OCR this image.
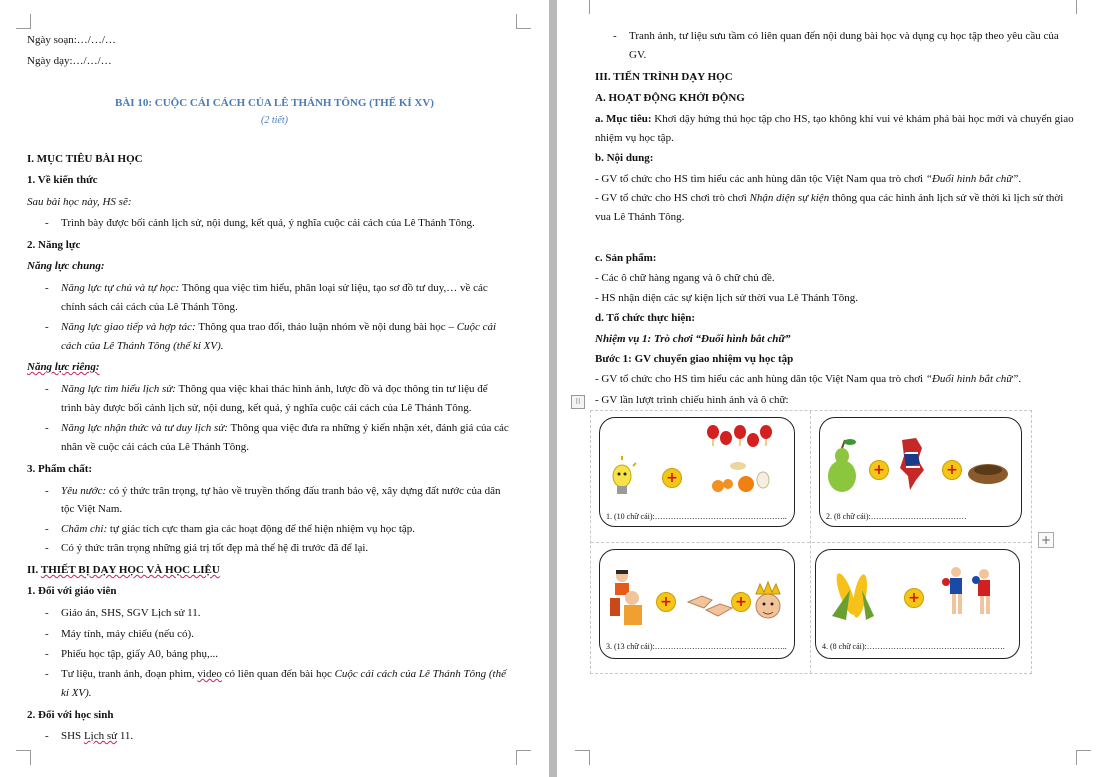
Ngày soạn:…/…/…
Ngày dạy:…/…/…
BÀI 10: CUỘC CẢI CÁCH CỦA LÊ THÁNH TÔNG (THẾ KỈ XV)
(2 tiết)
I. MỤC TIÊU BÀI HỌC
1. Về kiến thức
Sau bài học này, HS sẽ:
- Trình bày được bối cảnh lịch sử, nội dung, kết quả, ý nghĩa cuộc cải cách của Lê Thánh Tông.
2. Năng lực
Năng lực chung:
- Năng lực tự chủ và tự học: Thông qua việc tìm hiểu, phân loại sử liệu, tạo sơ đồ tư duy,… về các
chính sách cải cách của Lê Thánh Tông.
- Năng lực giao tiếp và hợp tác: Thông qua trao đổi, thảo luận nhóm về nội dung bài học – Cuộc cải
cách của Lê Thánh Tông (thế kỉ XV).
Năng lực riêng:
- Năng lực tìm hiểu lịch sử: Thông qua việc khai thác hình ảnh, lược đồ và đọc thông tin tư liệu để
trình bày được bối cảnh lịch sử, nội dung, kết quả, ý nghĩa cuộc cải cách của Lê Thánh Tông.
- Năng lực nhận thức và tư duy lịch sử: Thông qua việc đưa ra những ý kiến nhận xét, đánh giá của các
nhân về cuộc cải cách của Lê Thánh Tông.
3. Phẩm chất:
- Yêu nước: có ý thức trân trọng, tự hào về truyền thống đấu tranh bảo vệ, xây dựng đất nước của dân
tộc Việt Nam.
- Chăm chỉ: tự giác tích cực tham gia các hoạt động để thể hiện nhiệm vụ học tập.
- Có ý thức trân trọng những giá trị tốt đẹp mà thế hệ đi trước đã để lại.
II. THIẾT BỊ DẠY HỌC VÀ HỌC LIỆU
1. Đối với giáo viên
- Giáo án, SHS, SGV Lịch sử 11.
- Máy tính, máy chiếu (nếu có).
- Phiếu học tập, giấy A0, bảng phụ,...
- Tư liệu, tranh ảnh, đoạn phim, video có liên quan đến bài học Cuộc cải cách của Lê Thánh Tông (thế
kỉ XV).
2. Đối với học sinh
- SHS Lịch sử 11.
- Tranh ảnh, tư liệu sưu tầm có liên quan đến nội dung bài học và dụng cụ học tập theo yêu cầu của
GV.
III. TIẾN TRÌNH DẠY HỌC
A. HOẠT ĐỘNG KHỞI ĐỘNG
a. Mục tiêu: Khơi dậy hứng thú học tập cho HS, tạo không khí vui vẻ khám phá bài học mới và chuyển giao
nhiệm vụ học tập.
b. Nội dung:
- GV tổ chức cho HS tìm hiểu các anh hùng dân tộc Việt Nam qua trò chơi “Đuổi hình bắt chữ”.
- GV tổ chức cho HS chơi trò chơi Nhận diện sự kiện thông qua các hình ảnh lịch sử về thời kì lịch sử thời
vua Lê Thánh Tông.
c. Sản phẩm:
- Các ô chữ hàng ngang và ô chữ chủ đề.
- HS nhận diện các sự kiện lịch sử thời vua Lê Thánh Tông.
d. Tổ chức thực hiện:
Nhiệm vụ 1: Trò chơi “Đuổi hình bắt chữ”
Bước 1: GV chuyển giao nhiệm vụ học tập
- GV tổ chức cho HS tìm hiểu các anh hùng dân tộc Việt Nam qua trò chơi “Đuổi hình bắt chữ”.
⁝⁝	- GV lần lượt trình chiếu hình ảnh và ô chữ:
+
1. (10 chữ cái):…………………………………………..
+	+
2. (8 chữ cái):………………………………
+	+
3. (13 chữ cái):…………………………………………..
+
4. (8 chữ cái):…………………………………………….
+
